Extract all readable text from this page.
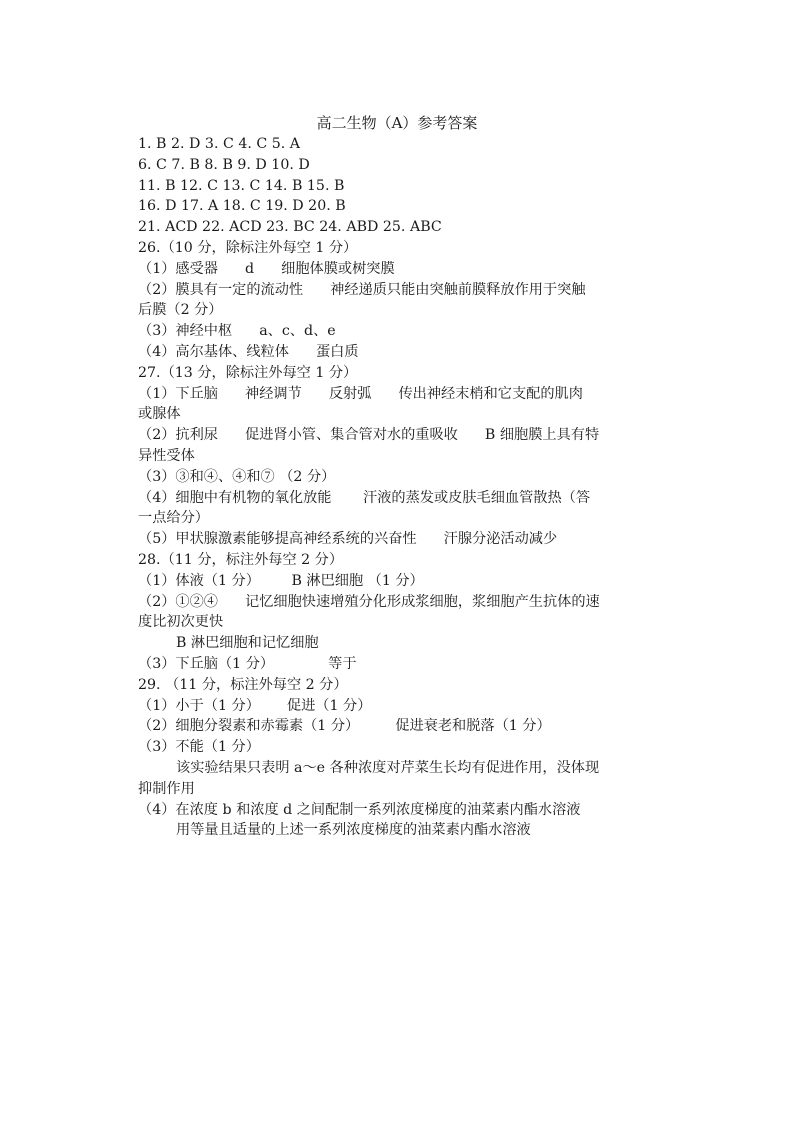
高二生物（A）参考答案
1. B 2. D 3. C 4. C 5. A
6. C 7. B 8. B 9. D 10. D
11. B 12. C 13. C 14. B 15. B
16. D 17. A 18. C 19. D 20. B
21. ACD 22. ACD 23. BC 24. ABD 25. ABC
26.（10 分，除标注外每空 1 分）
（1）感受器      d      细胞体膜或树突膜
（2）膜具有一定的流动性      神经递质只能由突触前膜释放作用于突触
后膜（2 分）
（3）神经中枢      a、c、d、e
（4）高尔基体、线粒体      蛋白质
27.（13 分，除标注外每空 1 分）
（1）下丘脑      神经调节      反射弧      传出神经末梢和它支配的肌肉
或腺体
（2）抗利尿      促进肾小管、集合管对水的重吸收      B 细胞膜上具有特
异性受体
（3）③和④、④和⑦ （2 分）
（4）细胞中有机物的氧化放能       汗液的蒸发或皮肤毛细血管散热（答
一点给分）
（5）甲状腺激素能够提高神经系统的兴奋性      汗腺分泌活动减少
28.（11 分，标注外每空 2 分）
（1）体液（1 分）       B 淋巴细胞 （1 分）
（2）①②④      记忆细胞快速增殖分化形成浆细胞，浆细胞产生抗体的速
度比初次更快
B 淋巴细胞和记忆细胞
（3）下丘脑（1 分）            等于
29. （11 分，标注外每空 2 分）
（1）小于（1 分）      促进（1 分）
（2）细胞分裂素和赤霉素（1 分）        促进衰老和脱落（1 分）
（3）不能（1 分）
该实验结果只表明 a～e 各种浓度对芹菜生长均有促进作用，没体现
抑制作用
（4）在浓度 b 和浓度 d 之间配制一系列浓度梯度的油菜素内酯水溶液
用等量且适量的上述一系列浓度梯度的油菜素内酯水溶液
